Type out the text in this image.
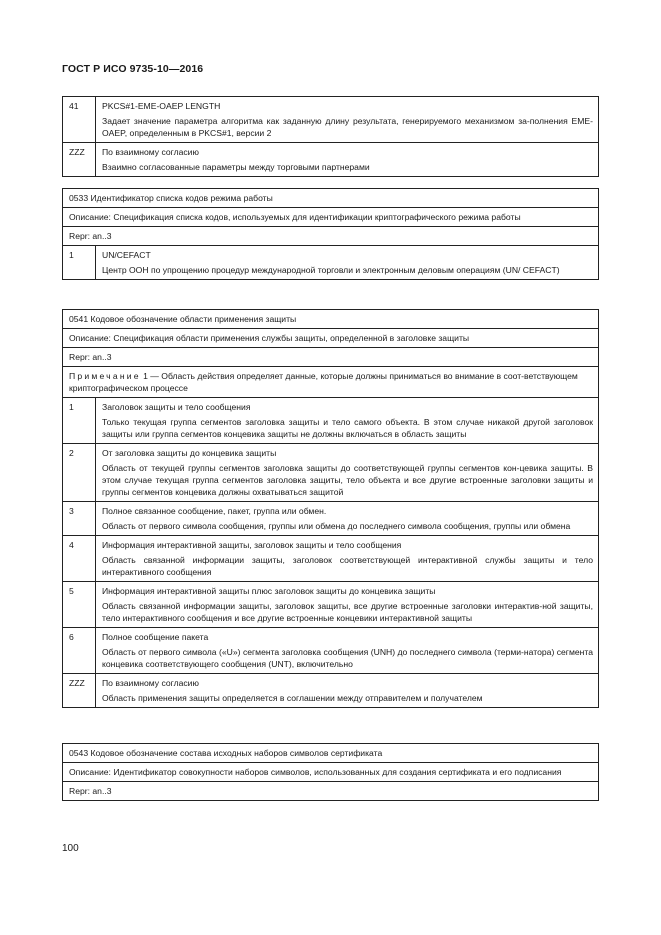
ГОСТ Р ИСО 9735-10—2016
41	PKCS#1-EME-OAEP LENGTH
Задает значение параметра алгоритма как заданную длину результата, генерируемого механизмом за-полнения EME-OAEP, определенным в PKCS#1, версии 2

ZZZ	По взаимному согласию
Взаимно согласованные параметры между торговыми партнерами
0533 Идентификатор списка кодов режима работы
Описание: Спецификация списка кодов, используемых для идентификации криптографического режима работы
Repr: an..3
1	UN/CEFACT
Центр ООН по упрощению процедур международной торговли и электронным деловым операциям (UN/ CEFACT)
0541 Кодовое обозначение области применения защиты	
Описание: Спецификация области применения службы защиты, определенной в заголовке защиты	
Repr: an..3	
Примечание 1 — Область действия определяет данные, которые должны приниматься во внимание в соот-ветствующем криптографическом процессе	
1	Заголовок защиты и тело сообщения
Только текущая группа сегментов заголовка защиты и тело самого объекта. В этом случае никакой другой заголовок защиты или группа сегментов концевика защиты не должны включаться в область защиты

2	От заголовка защиты до концевика защиты
Область от текущей группы сегментов заголовка защиты до соответствующей группы сегментов кон-цевика защиты. В этом случае текущая группа сегментов заголовка защиты, тело объекта и все другие встроенные заголовки защиты и группы сегментов концевика должны охватываться защитой

3	Полное связанное сообщение, пакет, группа или обмен.
Область от первого символа сообщения, группы или обмена до последнего символа сообщения, группы или обмена

4	Информация интерактивной защиты, заголовок защиты и тело сообщения
Область связанной информации защиты, заголовок соответствующей интерактивной службы защиты и тело интерактивного сообщения

5	Информация интерактивной защиты плюс заголовок защиты до концевика защиты
Область связанной информации защиты, заголовок защиты, все другие встроенные заголовки интерактив-ной защиты, тело интерактивного сообщения и все другие встроенные концевики интерактивной защиты

6	Полное сообщение пакета
Область от первого символа («U») сегмента заголовка сообщения (UNH) до последнего символа (терми-натора) сегмента концевика соответствующего сообщения (UNT), включительно

ZZZ	По взаимному согласию
Область применения защиты определяется в соглашении между отправителем и получателем
0543 Кодовое обозначение состава исходных наборов символов сертификата
Описание: Идентификатор совокупности наборов символов, использованных для создания сертификата и его подписания
Repr: an..3
100
